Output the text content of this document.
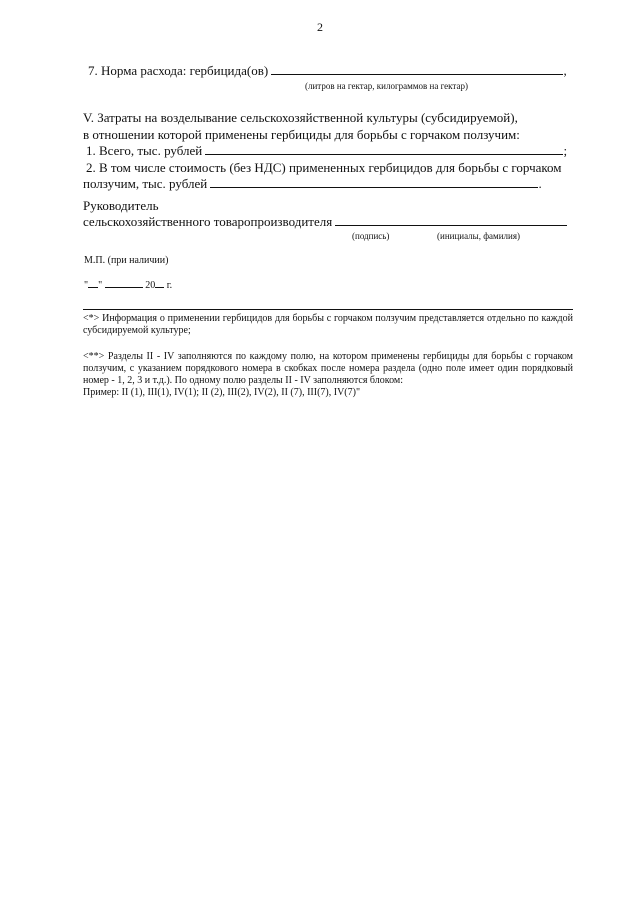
2
7. Норма расхода: гербицида(ов)	,
(литров на гектар, килограммов на гектар)
V. Затраты на возделывание сельскохозяйственной культуры (субсидируемой),
в отношении которой применены гербициды для борьбы с горчаком ползучим:
1. Всего, тыс. рублей	;
2. В том числе стоимость (без НДС) примененных гербицидов для борьбы с горчаком
ползучим, тыс. рублей	.
Руководитель
сельскохозяйственного товаропроизводителя
(подпись)	(инициалы, фамилия)
М.П. (при наличии)
" "	20 г.
<*> Информация о применении гербицидов для борьбы с горчаком ползучим представляется отдельно по каждой субсидируемой культуре;
<**> Разделы II - IV заполняются по каждому полю, на котором применены гербициды для борьбы с горчаком ползучим, с указанием порядкового номера в скобках после номера раздела (одно поле имеет один порядковый номер - 1, 2, 3 и т.д.). По одному полю разделы II - IV заполняются блоком:
Пример: II (1), III(1), IV(1); II (2), III(2), IV(2), II (7), III(7), IV(7)"
